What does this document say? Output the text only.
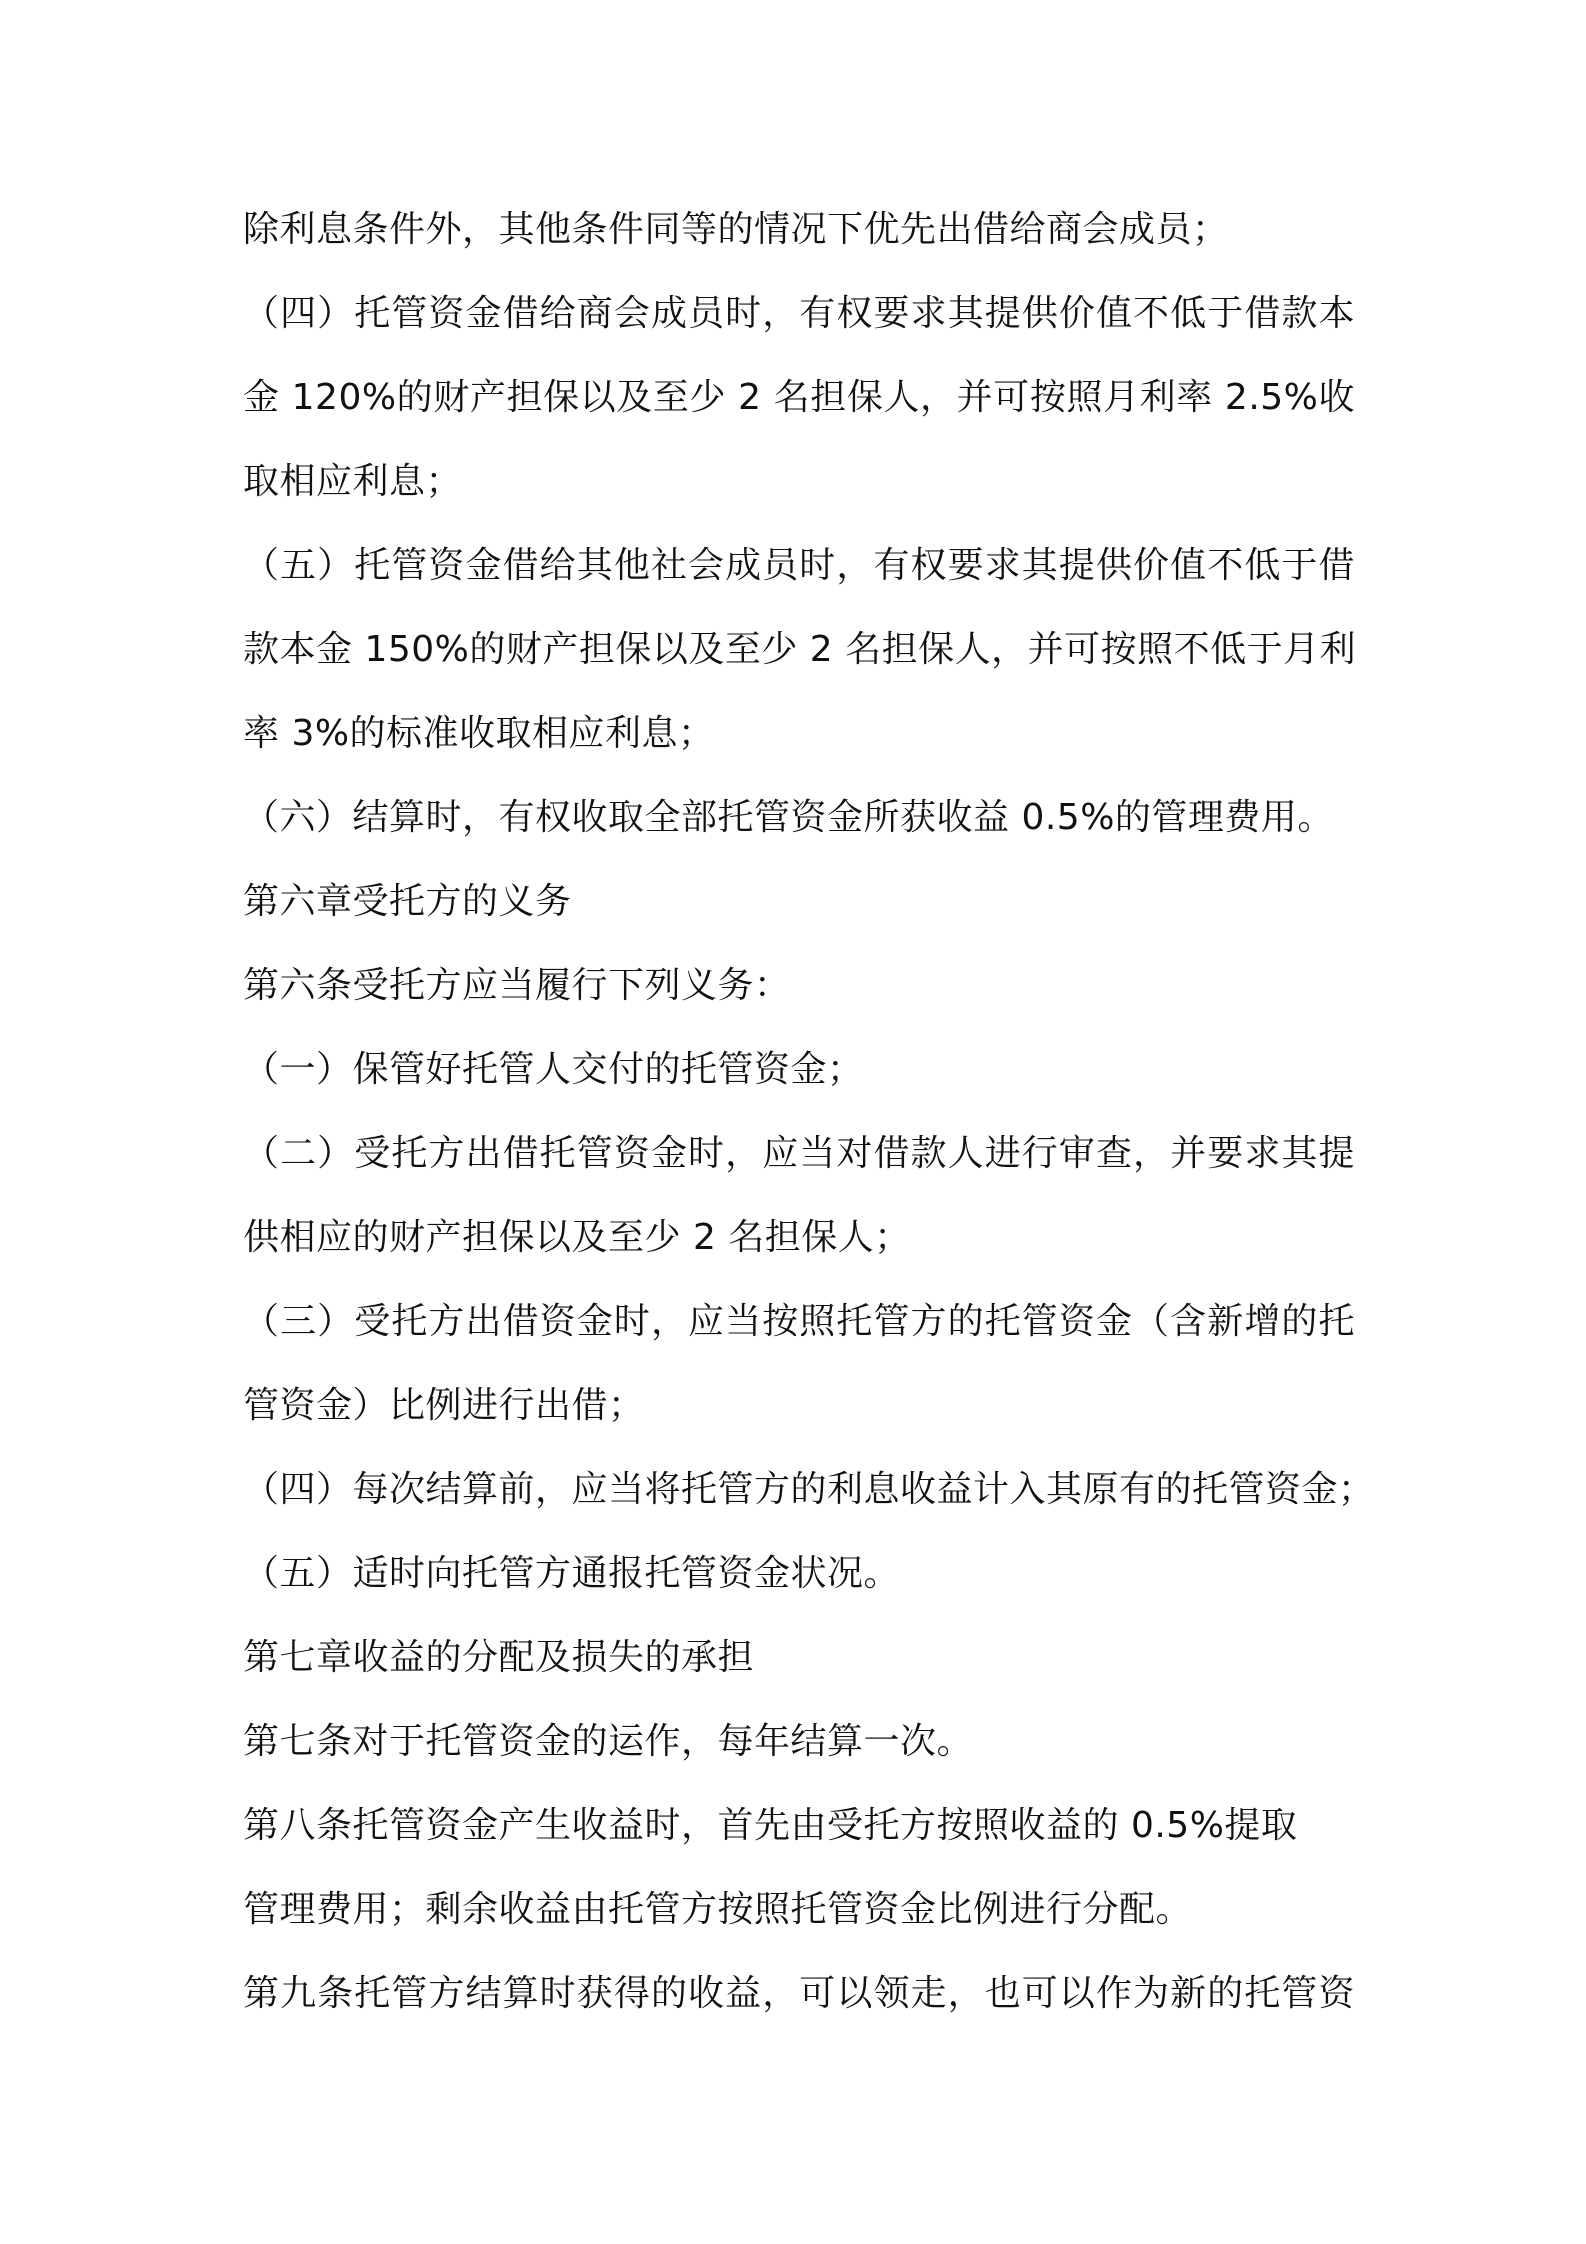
除利息条件外，其他条件同等的情况下优先出借给商会成员；
（四）托管资金借给商会成员时，有权要求其提供价值不低于借款本
金 120%的财产担保以及至少 2 名担保人，并可按照月利率 2.5%收
取相应利息；
（五）托管资金借给其他社会成员时，有权要求其提供价值不低于借
款本金 150%的财产担保以及至少 2 名担保人，并可按照不低于月利
率 3%的标准收取相应利息；
（六）结算时，有权收取全部托管资金所获收益 0.5%的管理费用。
第六章受托方的义务
第六条受托方应当履行下列义务：
（一）保管好托管人交付的托管资金；
（二）受托方出借托管资金时，应当对借款人进行审查，并要求其提
供相应的财产担保以及至少 2 名担保人；
（三）受托方出借资金时，应当按照托管方的托管资金（含新增的托
管资金）比例进行出借；
（四）每次结算前，应当将托管方的利息收益计入其原有的托管资金；
（五）适时向托管方通报托管资金状况。
第七章收益的分配及损失的承担
第七条对于托管资金的运作，每年结算一次。
第八条托管资金产生收益时，首先由受托方按照收益的 0.5%提取
管理费用；剩余收益由托管方按照托管资金比例进行分配。
第九条托管方结算时获得的收益，可以领走，也可以作为新的托管资
